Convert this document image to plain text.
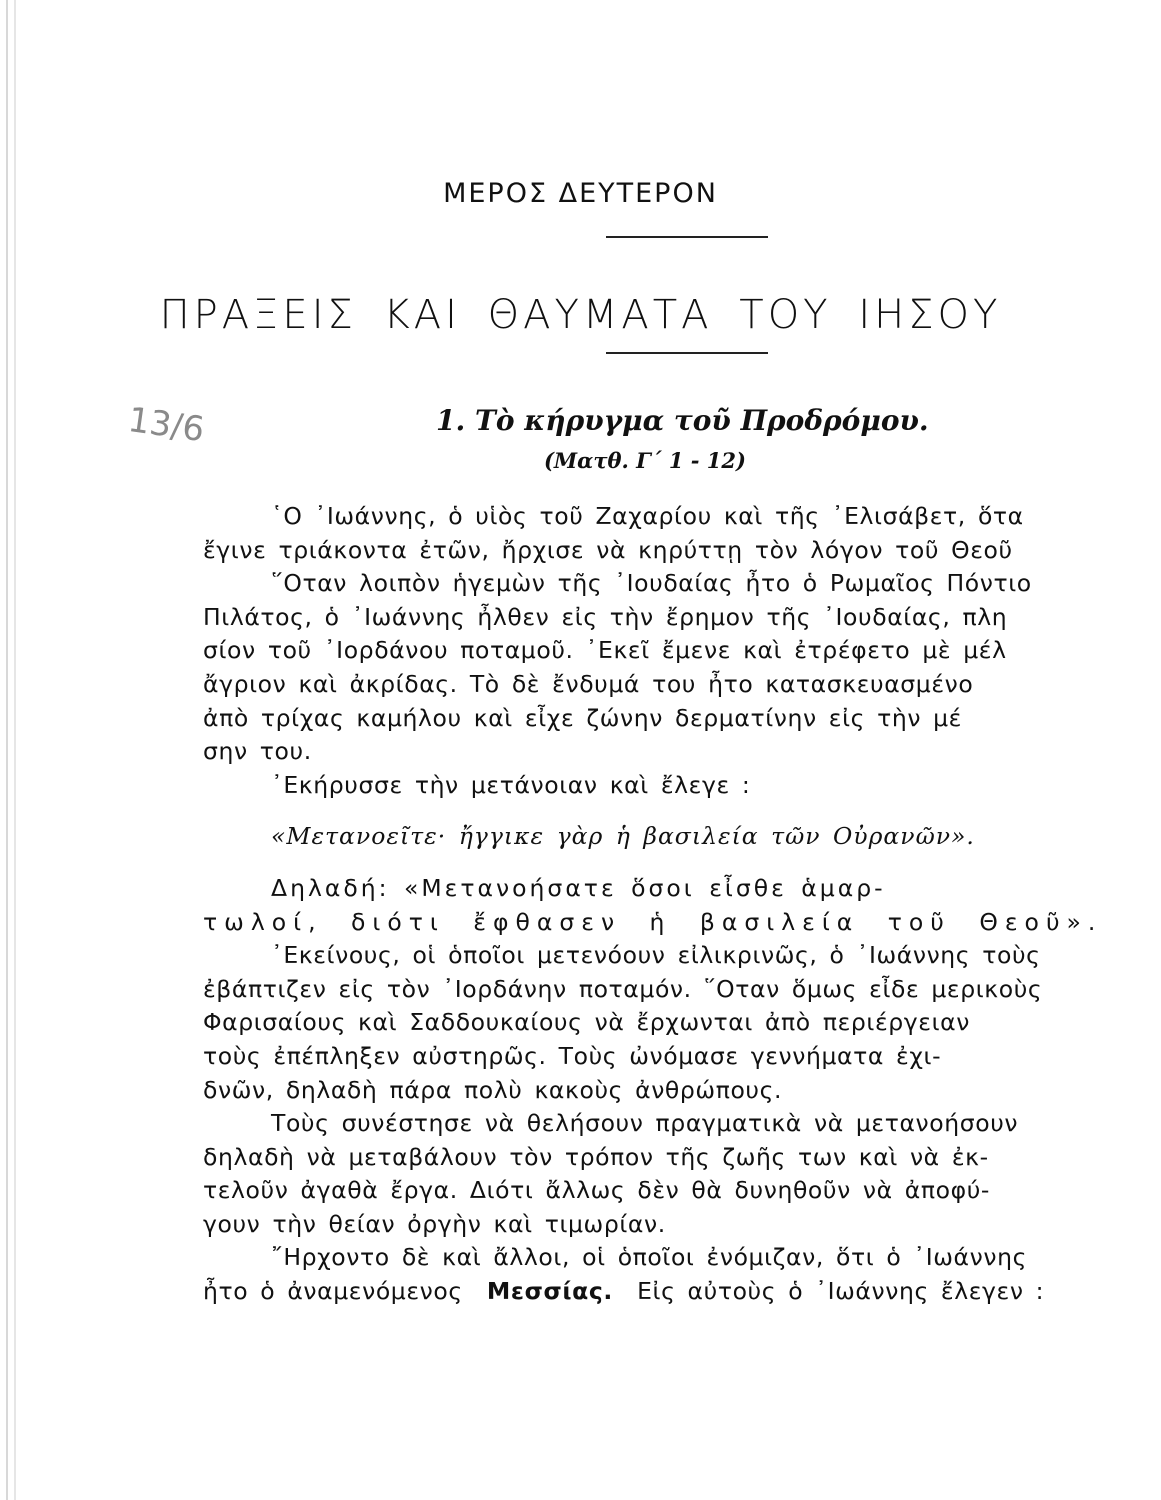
ΜΕΡΟΣ ΔΕΥΤΕΡΟΝ
ΠΡΑΞΕΙΣ ΚΑΙ ΘΑΥΜΑΤΑ ΤΟΥ ΙΗΣΟΥ
13/6	1. Τὸ κήρυγμα τοῦ Προδρόμου.
(Ματθ. Γ´ 1 - 12)
῾Ο ᾿Ιωάννης, ὁ υἱὸς τοῦ Ζαχαρίου καὶ τῆς ᾿Ελισάβετ, ὅτα
ἔγινε τριάκοντα ἐτῶν, ἤρχισε νὰ κηρύττῃ τὸν λόγον τοῦ Θεοῦ
῞Οταν λοιπὸν ἡγεμὼν τῆς ᾿Ιουδαίας ἦτο ὁ Ρωμαῖος Πόντιο
Πιλάτος, ὁ ᾿Ιωάννης ἦλθεν εἰς τὴν ἔρημον τῆς ᾿Ιουδαίας, πλη
σίον τοῦ ᾿Ιορδάνου ποταμοῦ. ᾿Εκεῖ ἔμενε καὶ ἐτρέφετο μὲ μέλ
ἄγριον καὶ ἀκρίδας. Τὸ δὲ ἔνδυμά του ἦτο κατασκευασμένο
ἀπὸ τρίχας καμήλου καὶ εἶχε ζώνην δερματίνην εἰς τὴν μέ
σην του.
᾿Εκήρυσσε τὴν μετάνοιαν καὶ ἔλεγε :
«Μετανοεῖτε· ἤγγικε γὰρ ἡ βασιλεία τῶν Οὐρανῶν».
Δηλαδή: «Μετανοήσατε ὅσοι εἶσθε ἁμαρ-
τωλοί, διότι ἔφθασεν ἡ βασιλεία τοῦ Θεοῦ».
᾿Εκείνους, οἱ ὁποῖοι μετενόουν εἰλικρινῶς, ὁ ᾿Ιωάννης τοὺς
ἐβάπτιζεν εἰς τὸν ᾿Ιορδάνην ποταμόν. ῞Οταν ὅμως εἶδε μερικοὺς
Φαρισαίους καὶ Σαδδουκαίους νὰ ἔρχωνται ἀπὸ περιέργειαν
τοὺς ἐπέπληξεν αὐστηρῶς. Τοὺς ὠνόμασε γεννήματα ἐχι-
δνῶν, δηλαδὴ πάρα πολὺ κακοὺς ἀνθρώπους.
Τοὺς συνέστησε νὰ θελήσουν πραγματικὰ νὰ μετανοήσουν
δηλαδὴ νὰ μεταβάλουν τὸν τρόπον τῆς ζωῆς των καὶ νὰ ἐκ-
τελοῦν ἀγαθὰ ἔργα. Διότι ἄλλως δὲν θὰ δυνηθοῦν νὰ ἀποφύ-
γουν τὴν θείαν ὀργὴν καὶ τιμωρίαν.
῎Ηρχοντο δὲ καὶ ἄλλοι, οἱ ὁποῖοι ἐνόμιζαν, ὅτι ὁ ᾿Ιωάννης
ἦτο ὁ ἀναμενόμενος Μεσσίας. Εἰς αὐτοὺς ὁ ᾿Ιωάννης ἔλεγεν :
